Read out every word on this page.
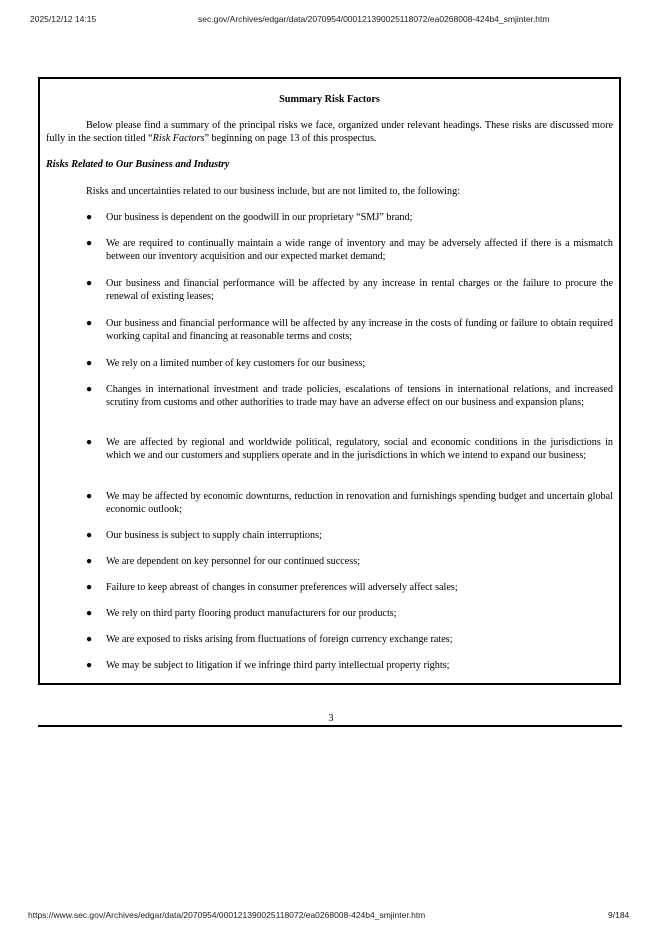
2025/12/12 14:15	sec.gov/Archives/edgar/data/2070954/000121390025118072/ea0268008-424b4_smjinter.htm
Summary Risk Factors
Below please find a summary of the principal risks we face, organized under relevant headings. These risks are discussed more fully in the section titled “Risk Factors” beginning on page 13 of this prospectus.
Risks Related to Our Business and Industry
Risks and uncertainties related to our business include, but are not limited to, the following:
● Our business is dependent on the goodwill in our proprietary “SMJ” brand;
● We are required to continually maintain a wide range of inventory and may be adversely affected if there is a mismatch between our inventory acquisition and our expected market demand;
● Our business and financial performance will be affected by any increase in rental charges or the failure to procure the renewal of existing leases;
● Our business and financial performance will be affected by any increase in the costs of funding or failure to obtain required working capital and financing at reasonable terms and costs;
● We rely on a limited number of key customers for our business;
● Changes in international investment and trade policies, escalations of tensions in international relations, and increased scrutiny from customs and other authorities to trade may have an adverse effect on our business and expansion plans;
● We are affected by regional and worldwide political, regulatory, social and economic conditions in the jurisdictions in which we and our customers and suppliers operate and in the jurisdictions in which we intend to expand our business;
● We may be affected by economic downturns, reduction in renovation and furnishings spending budget and uncertain global economic outlook;
● Our business is subject to supply chain interruptions;
● We are dependent on key personnel for our continued success;
● Failure to keep abreast of changes in consumer preferences will adversely affect sales;
● We rely on third party flooring product manufacturers for our products;
● We are exposed to risks arising from fluctuations of foreign currency exchange rates;
● We may be subject to litigation if we infringe third party intellectual property rights;
3
https://www.sec.gov/Archives/edgar/data/2070954/000121390025118072/ea0268008-424b4_smjinter.htm	9/184
